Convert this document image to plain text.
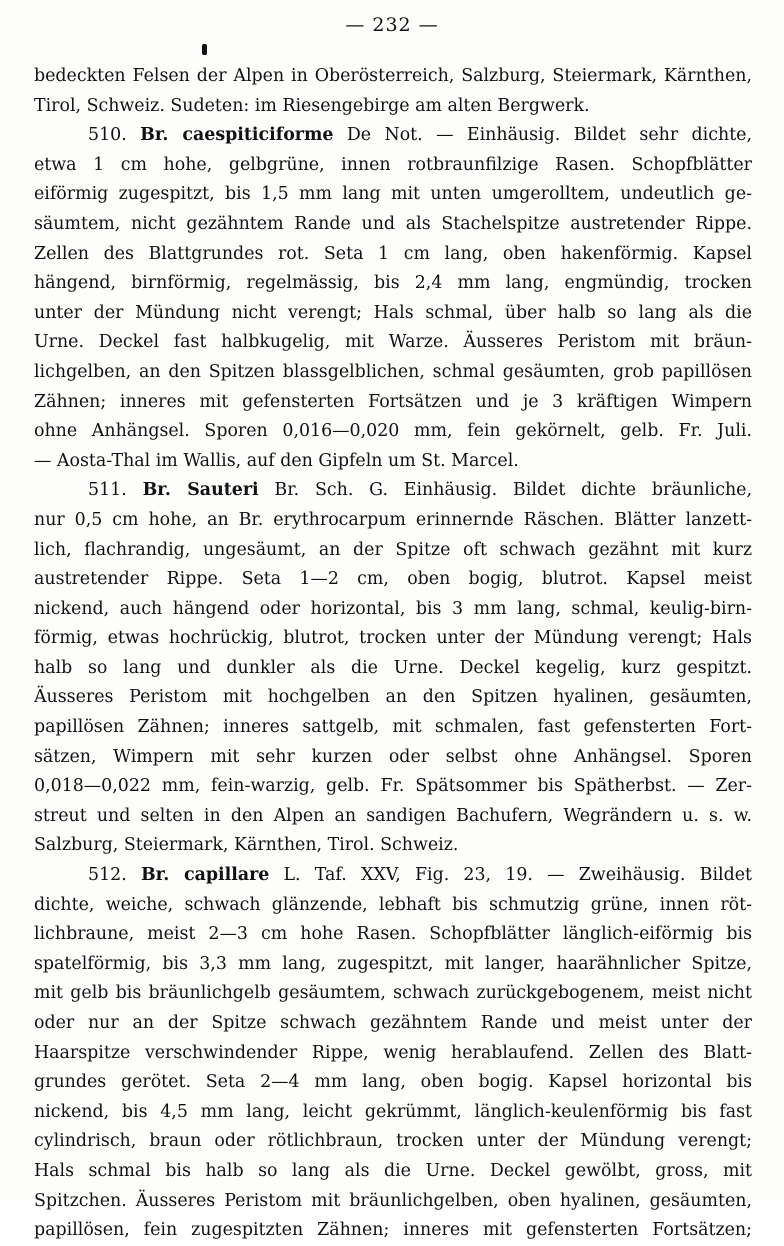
— 232 —
bedeckten Felsen der Alpen in Oberösterreich, Salzburg, Steiermark, Kärnthen,
Tirol, Schweiz. Sudeten: im Riesengebirge am alten Bergwerk.
510. Br. caespiticiforme De Not. — Einhäusig. Bildet sehr dichte,
etwa 1 cm hohe, gelbgrüne, innen rotbraunfilzige Rasen. Schopfblätter
eiförmig zugespitzt, bis 1,5 mm lang mit unten umgerolltem, undeutlich ge-
säumtem, nicht gezähntem Rande und als Stachelspitze austretender Rippe.
Zellen des Blattgrundes rot. Seta 1 cm lang, oben hakenförmig. Kapsel
hängend, birnförmig, regelmässig, bis 2,4 mm lang, engmündig, trocken
unter der Mündung nicht verengt; Hals schmal, über halb so lang als die
Urne. Deckel fast halbkugelig, mit Warze. Äusseres Peristom mit bräun-
lichgelben, an den Spitzen blassgelblichen, schmal gesäumten, grob papillösen
Zähnen; inneres mit gefensterten Fortsätzen und je 3 kräftigen Wimpern
ohne Anhängsel. Sporen 0,016—0,020 mm, fein gekörnelt, gelb. Fr. Juli.
— Aosta-Thal im Wallis, auf den Gipfeln um St. Marcel.
511. Br. Sauteri Br. Sch. G. Einhäusig. Bildet dichte bräunliche,
nur 0,5 cm hohe, an Br. erythrocarpum erinnernde Räschen. Blätter lanzett-
lich, flachrandig, ungesäumt, an der Spitze oft schwach gezähnt mit kurz
austretender Rippe. Seta 1—2 cm, oben bogig, blutrot. Kapsel meist
nickend, auch hängend oder horizontal, bis 3 mm lang, schmal, keulig-birn-
förmig, etwas hochrückig, blutrot, trocken unter der Mündung verengt; Hals
halb so lang und dunkler als die Urne. Deckel kegelig, kurz gespitzt.
Äusseres Peristom mit hochgelben an den Spitzen hyalinen, gesäumten,
papillösen Zähnen; inneres sattgelb, mit schmalen, fast gefensterten Fort-
sätzen, Wimpern mit sehr kurzen oder selbst ohne Anhängsel. Sporen
0,018—0,022 mm, fein-warzig, gelb. Fr. Spätsommer bis Spätherbst. — Zer-
streut und selten in den Alpen an sandigen Bachufern, Wegrändern u. s. w.
Salzburg, Steiermark, Kärnthen, Tirol. Schweiz.
512. Br. capillare L. Taf. XXV, Fig. 23, 19. — Zweihäusig. Bildet
dichte, weiche, schwach glänzende, lebhaft bis schmutzig grüne, innen röt-
lichbraune, meist 2—3 cm hohe Rasen. Schopfblätter länglich-eiförmig bis
spatelförmig, bis 3,3 mm lang, zugespitzt, mit langer, haarähnlicher Spitze,
mit gelb bis bräunlichgelb gesäumtem, schwach zurückgebogenem, meist nicht
oder nur an der Spitze schwach gezähntem Rande und meist unter der
Haarspitze verschwindender Rippe, wenig herablaufend. Zellen des Blatt-
grundes gerötet. Seta 2—4 mm lang, oben bogig. Kapsel horizontal bis
nickend, bis 4,5 mm lang, leicht gekrümmt, länglich-keulenförmig bis fast
cylindrisch, braun oder rötlichbraun, trocken unter der Mündung verengt;
Hals schmal bis halb so lang als die Urne. Deckel gewölbt, gross, mit
Spitzchen. Äusseres Peristom mit bräunlichgelben, oben hyalinen, gesäumten,
papillösen, fein zugespitzten Zähnen; inneres mit gefensterten Fortsätzen;
